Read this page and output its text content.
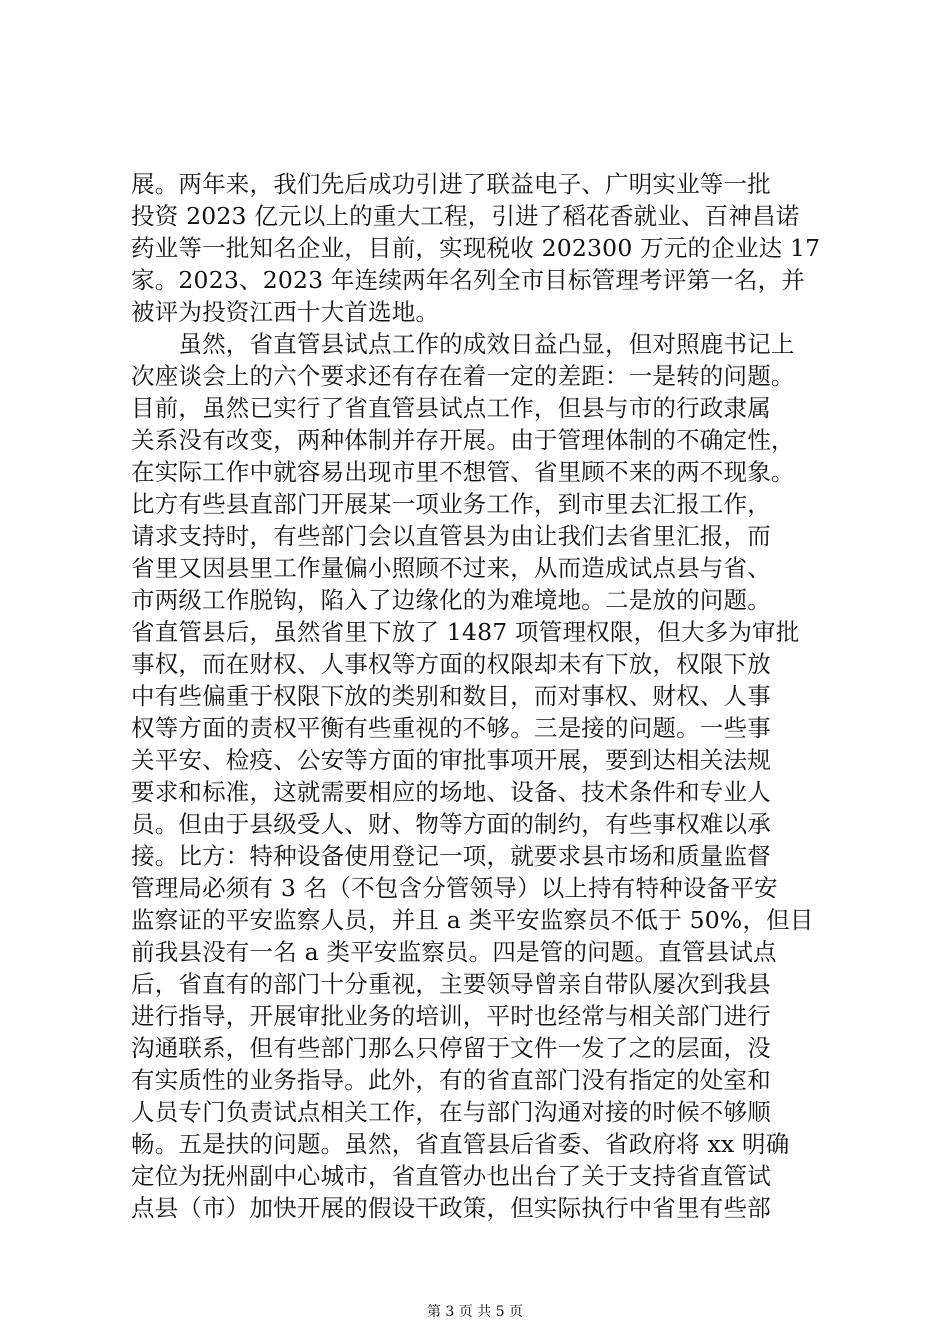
展。两年来，我们先后成功引进了联益电子、广明实业等一批
投资 2023 亿元以上的重大工程，引进了稻花香就业、百神昌诺
药业等一批知名企业，目前，实现税收 202300 万元的企业达 17
家。2023、2023 年连续两年名列全市目标管理考评第一名，并
被评为投资江西十大首选地。
　　虽然，省直管县试点工作的成效日益凸显，但对照鹿书记上
次座谈会上的六个要求还有存在着一定的差距：一是转的问题。
目前，虽然已实行了省直管县试点工作，但县与市的行政隶属
关系没有改变，两种体制并存开展。由于管理体制的不确定性，
在实际工作中就容易出现市里不想管、省里顾不来的两不现象。
比方有些县直部门开展某一项业务工作，到市里去汇报工作，
请求支持时，有些部门会以直管县为由让我们去省里汇报，而
省里又因县里工作量偏小照顾不过来，从而造成试点县与省、
市两级工作脱钩，陷入了边缘化的为难境地。二是放的问题。
省直管县后，虽然省里下放了 1487 项管理权限，但大多为审批
事权，而在财权、人事权等方面的权限却未有下放，权限下放
中有些偏重于权限下放的类别和数目，而对事权、财权、人事
权等方面的责权平衡有些重视的不够。三是接的问题。一些事
关平安、检疫、公安等方面的审批事项开展，要到达相关法规
要求和标准，这就需要相应的场地、设备、技术条件和专业人
员。但由于县级受人、财、物等方面的制约，有些事权难以承
接。比方：特种设备使用登记一项，就要求县市场和质量监督
管理局必须有 3 名（不包含分管领导）以上持有特种设备平安
监察证的平安监察人员，并且 a 类平安监察员不低于 50%，但目
前我县没有一名 a 类平安监察员。四是管的问题。直管县试点
后，省直有的部门十分重视，主要领导曾亲自带队屡次到我县
进行指导，开展审批业务的培训，平时也经常与相关部门进行
沟通联系，但有些部门那么只停留于文件一发了之的层面，没
有实质性的业务指导。此外，有的省直部门没有指定的处室和
人员专门负责试点相关工作，在与部门沟通对接的时候不够顺
畅。五是扶的问题。虽然，省直管县后省委、省政府将 xx 明确
定位为抚州副中心城市，省直管办也出台了关于支持省直管试
点县（市）加快开展的假设干政策，但实际执行中省里有些部
第 3 页 共 5 页
